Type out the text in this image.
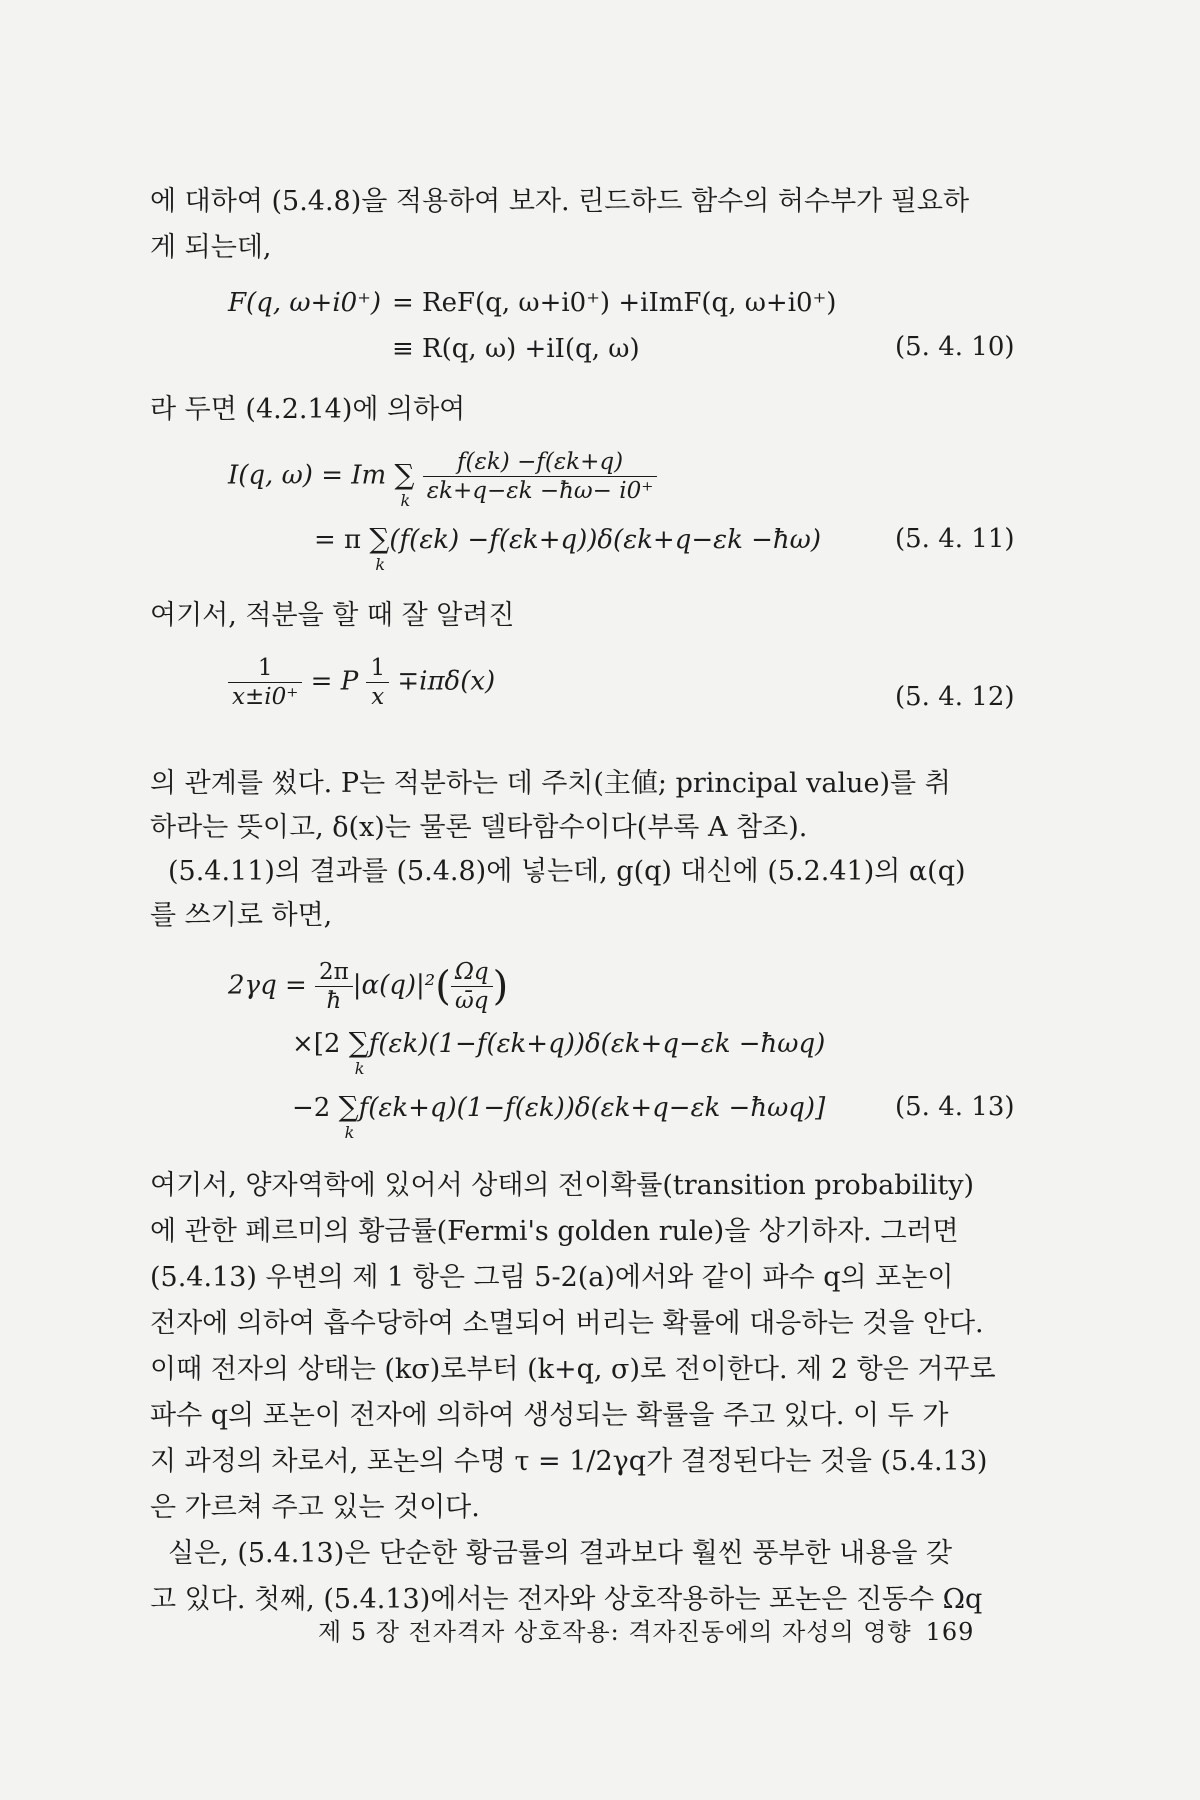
에 대하여 (5.4.8)을 적용하여 보자. 린드하드 함수의 허수부가 필요하
게 되는데,
F(q, ω+i0⁺) = ReF(q, ω+i0⁺) +iImF(q, ω+i0⁺)
≡ R(q, ω) +iI(q, ω)	(5. 4. 10)
라 두면 (4.2.14)에 의하여
I(q, ω) = Im ∑
k
$\frac{f(\varepsilon k) -f(\varepsilon k+q)}{\varepsilon k+q-\varepsilon k -ħ\omega- i0^+}$
= π ∑
k
(f(εk) −f(εk+q))δ(εk+q−εk −ħω)	(5. 4. 11)
여기서, 적분을 할 때 잘 알려진
$\frac{1}{x\pm i0^+} = P \frac{1}{x} \mp i\pi\delta(x)$
(5. 4. 12)
의 관계를 썼다. P는 적분하는 데 주치(主値; principal value)를 취
하라는 뜻이고, δ(x)는 물론 델타함수이다(부록 A 참조).
(5.4.11)의 결과를 (5.4.8)에 넣는데, g(q) 대신에 (5.2.41)의 α(q)
를 쓰기로 하면,
$2\gamma q = \frac{2\pi}{ħ} |\alpha(q)|^2( \frac{\Omega q}{\omegāq}$ )
×[2 ∑
k
f(εk)(1−f(εk+q))δ(εk+q−εk −ħωq)
−2 ∑
k
f(εk+q)(1−f(εk))δ(εk+q−εk −ħωq)]	(5. 4. 13)
여기서, 양자역학에 있어서 상태의 전이확률(transition probability)
에 관한 페르미의 황금률(Fermi's golden rule)을 상기하자. 그러면
(5.4.13) 우변의 제 1 항은 그림 5-2(a)에서와 같이 파수 q의 포논이
전자에 의하여 흡수당하여 소멸되어 버리는 확률에 대응하는 것을 안다.
이때 전자의 상태는 (kσ)로부터 (k+q, σ)로 전이한다. 제 2 항은 거꾸로
파수 q의 포논이 전자에 의하여 생성되는 확률을 주고 있다. 이 두 가
지 과정의 차로서, 포논의 수명 τ = 1/2γq가 결정된다는 것을 (5.4.13)
은 가르쳐 주고 있는 것이다.
실은, (5.4.13)은 단순한 황금률의 결과보다 훨씬 풍부한 내용을 갖
고 있다. 첫째, (5.4.13)에서는 전자와 상호작용하는 포논은 진동수 Ωq
제 5 장 전자격자 상호작용: 격자진동에의 자성의 영향 169
